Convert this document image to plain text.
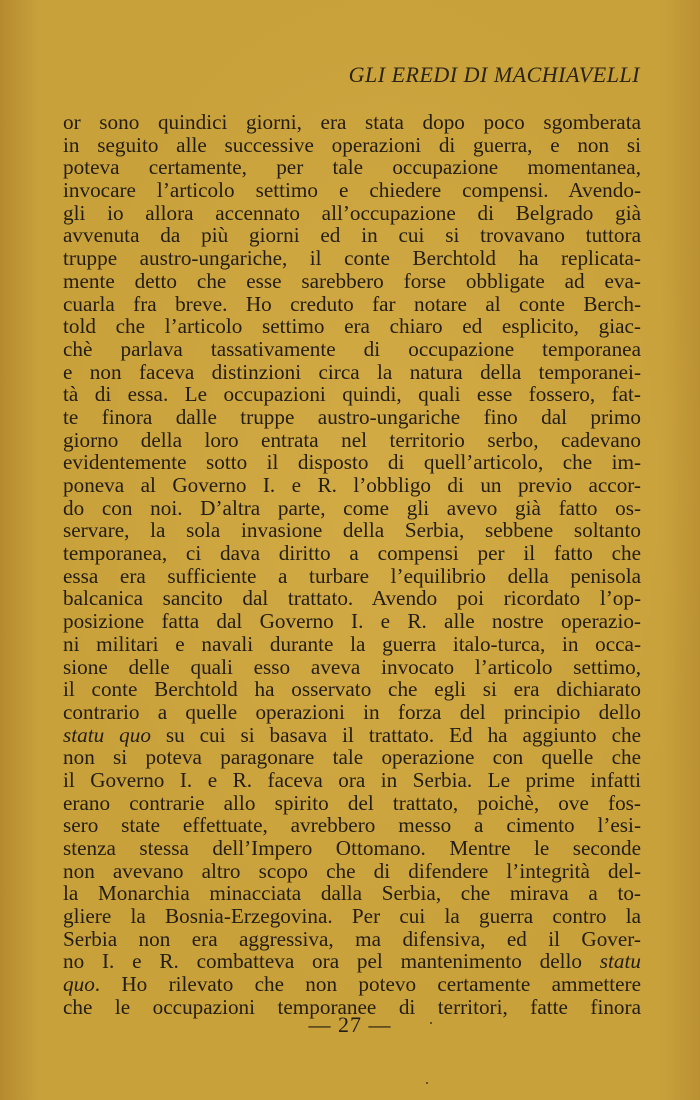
GLI EREDI DI MACHIAVELLI
or sono quindici giorni, era stata dopo poco sgomberata
in seguito alle successive operazioni di guerra, e non si
poteva certamente, per tale occupazione momentanea,
invocare l’articolo settimo e chiedere compensi. Avendo-
gli io allora accennato all’occupazione di Belgrado già
avvenuta da più giorni ed in cui si trovavano tuttora
truppe austro-ungariche, il conte Berchtold ha replicata-
mente detto che esse sarebbero forse obbligate ad eva-
cuarla fra breve. Ho creduto far notare al conte Berch-
told che l’articolo settimo era chiaro ed esplicito, giac-
chè parlava tassativamente di occupazione temporanea
e non faceva distinzioni circa la natura della temporanei-
tà di essa. Le occupazioni quindi, quali esse fossero, fat-
te finora dalle truppe austro-ungariche fino dal primo
giorno della loro entrata nel territorio serbo, cadevano
evidentemente sotto il disposto di quell’articolo, che im-
poneva al Governo I. e R. l’obbligo di un previo accor-
do con noi. D’altra parte, come gli avevo già fatto os-
servare, la sola invasione della Serbia, sebbene soltanto
temporanea, ci dava diritto a compensi per il fatto che
essa era sufficiente a turbare l’equilibrio della penisola
balcanica sancito dal trattato. Avendo poi ricordato l’op-
posizione fatta dal Governo I. e R. alle nostre operazio-
ni militari e navali durante la guerra italo-turca, in occa-
sione delle quali esso aveva invocato l’articolo settimo,
il conte Berchtold ha osservato che egli si era dichiarato
contrario a quelle operazioni in forza del principio dello
statu quo su cui si basava il trattato. Ed ha aggiunto che
non si poteva paragonare tale operazione con quelle che
il Governo I. e R. faceva ora in Serbia. Le prime infatti
erano contrarie allo spirito del trattato, poichè, ove fos-
sero state effettuate, avrebbero messo a cimento l’esi-
stenza stessa dell’Impero Ottomano. Mentre le seconde
non avevano altro scopo che di difendere l’integrità del-
la Monarchia minacciata dalla Serbia, che mirava a to-
gliere la Bosnia-Erzegovina. Per cui la guerra contro la
Serbia non era aggressiva, ma difensiva, ed il Gover-
no I. e R. combatteva ora pel mantenimento dello statu
quo. Ho rilevato che non potevo certamente ammettere
che le occupazioni temporanee di territori, fatte finora
— 27 —
